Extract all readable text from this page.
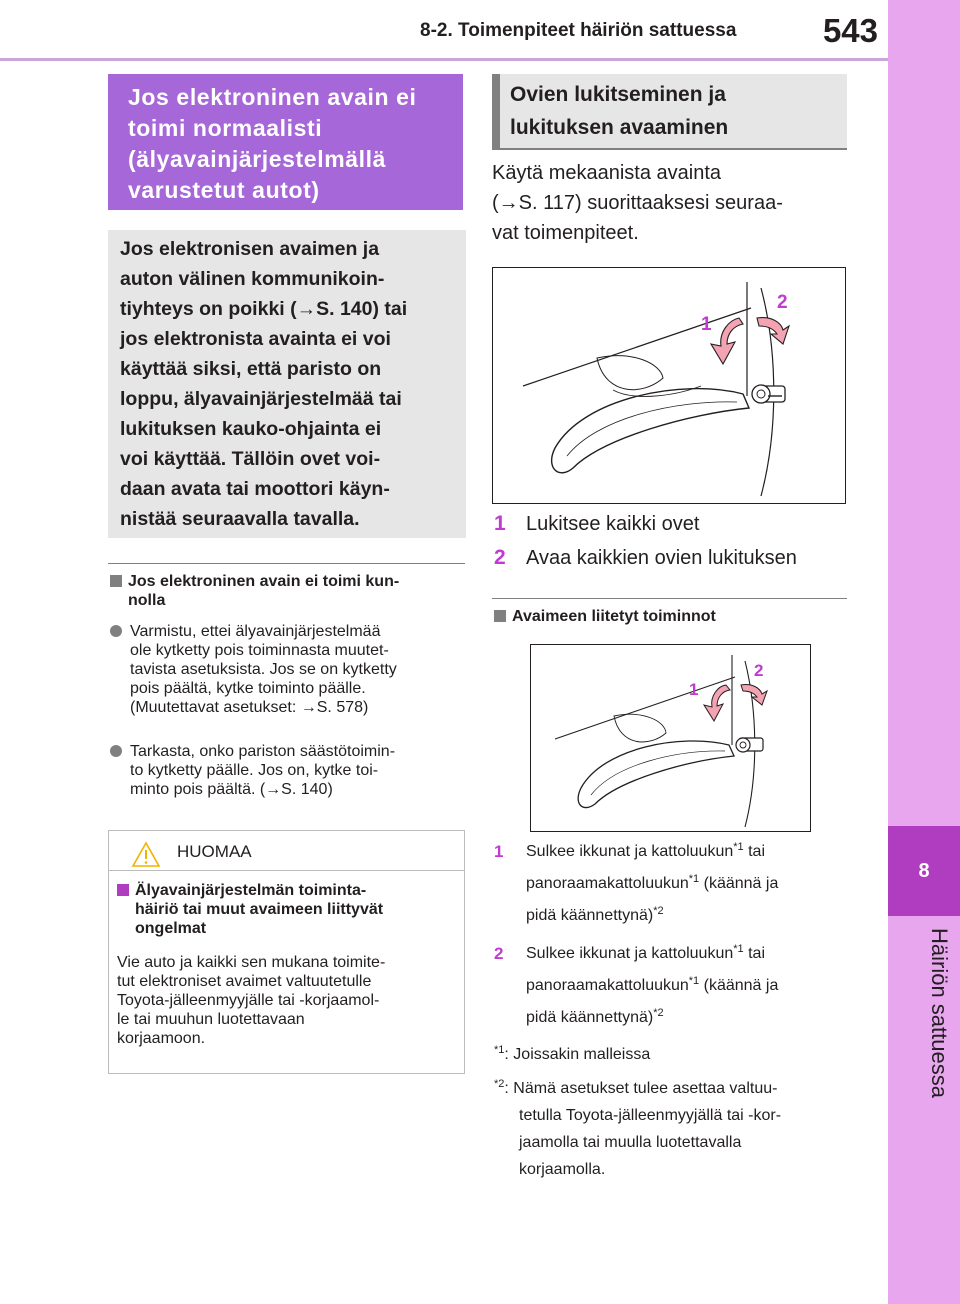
8-2. Toimenpiteet häiriön sattuessa	543
8
Häiriön sattuessa
Jos elektroninen avain ei toimi normaalisti (älyavainjärjestelmällä varustetut autot)

Jos elektronisen avaimen ja
auton välinen kommunikoin-
tiyhteys on poikki (→S. 140) tai
jos elektronista avainta ei voi
käyttää siksi, että paristo on
loppu, älyavainjärjestelmää tai
lukituksen kauko-ohjainta ei
voi käyttää. Tällöin ovet voi-
daan avata tai moottori käyn-
nistää seuraavalla tavalla.

Jos elektroninen avain ei toimi kun-
nolla
Varmistu, ettei älyavainjärjestelmää
ole kytketty pois toiminnasta muutet-
tavista asetuksista. Jos se on kytketty
pois päältä, kytke toiminto päälle.
(Muutettavat asetukset: →S. 578)
Tarkasta, onko pariston säästötoimin-
to kytketty päälle. Jos on, kytke toi-
minto pois päältä. (→S. 140)
HUOMAA
Älyavainjärjestelmän toiminta-
häiriö tai muut avaimeen liittyvät
ongelmat
Vie auto ja kaikki sen mukana toimite-
tut elektroniset avaimet valtuutetulle
Toyota-jälleenmyyjälle tai -korjaamol-
le tai muuhun luotettavaan
korjaamoon.
Ovien lukitseminen ja
lukituksen avaaminen
Käytä mekaanista avainta
(→S. 117) suorittaaksesi seuraa-
vat toimenpiteet.
1
2
1	Lukitsee kaikki ovet
2	Avaa kaikkien ovien lukituksen
Avaimeen liitetyt toiminnot
1
2
1	Sulkee ikkunat ja kattoluukun$^{*1}$ tai
panoraamakattoluukun$^{*1}$ (käännä ja
pidä käännettynä)$^{*2}$
2	Sulkee ikkunat ja kattoluukun$^{*1}$ tai
panoraamakattoluukun$^{*1}$ (käännä ja
pidä käännettynä)$^{*2}$
$^{*1}$: Joissakin malleissa
$^{*2}$: Nämä asetukset tulee asettaa valtuu-
tetulla Toyota-jälleenmyyjällä tai -kor-
jaamolla tai muulla luotettavalla
korjaamolla.
